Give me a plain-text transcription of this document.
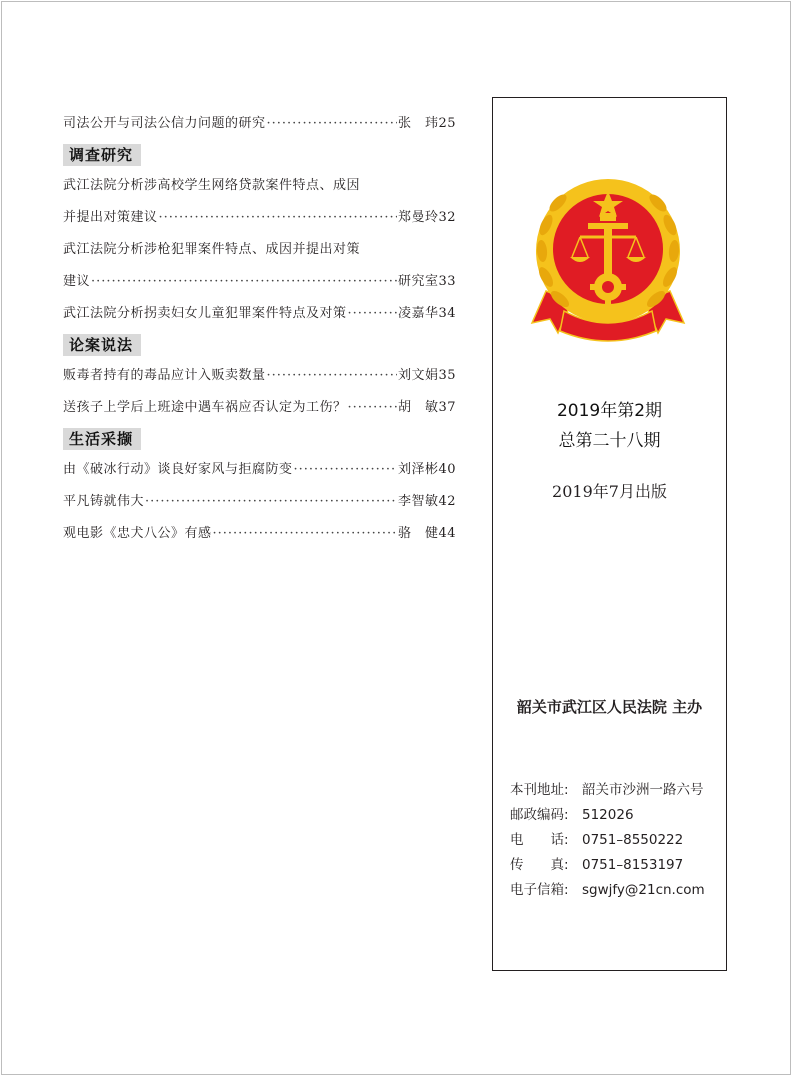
司法公开与司法公信力问题的研究 ·····	张　玮25
调查研究
武江法院分析涉高校学生网络贷款案件特点、成因
并提出对策建议 ·····	郑曼玲32
武江法院分析涉枪犯罪案件特点、成因并提出对策
建议 ·····	研究室33
武江法院分析拐卖妇女儿童犯罪案件特点及对策 ·····	凌嘉华34
论案说法
贩毒者持有的毒品应计入贩卖数量 ·····	刘文娟35
送孩子上学后上班途中遇车祸应否认定为工伤？ ·····	胡　敏37
生活采撷
由《破冰行动》谈良好家风与拒腐防变 ·····	刘泽彬40
平凡铸就伟大 ·····	李智敏42
观电影《忠犬八公》有感 ·····	骆　健44
2019年第2期
总第二十八期
2019年7月出版
韶关市武江区人民法院 主办
本刊地址: 韶关市沙洲一路六号
邮政编码: 512026
电　　话: 0751–8550222
传　　真: 0751–8153197
电子信箱: sgwjfy@21cn.com
